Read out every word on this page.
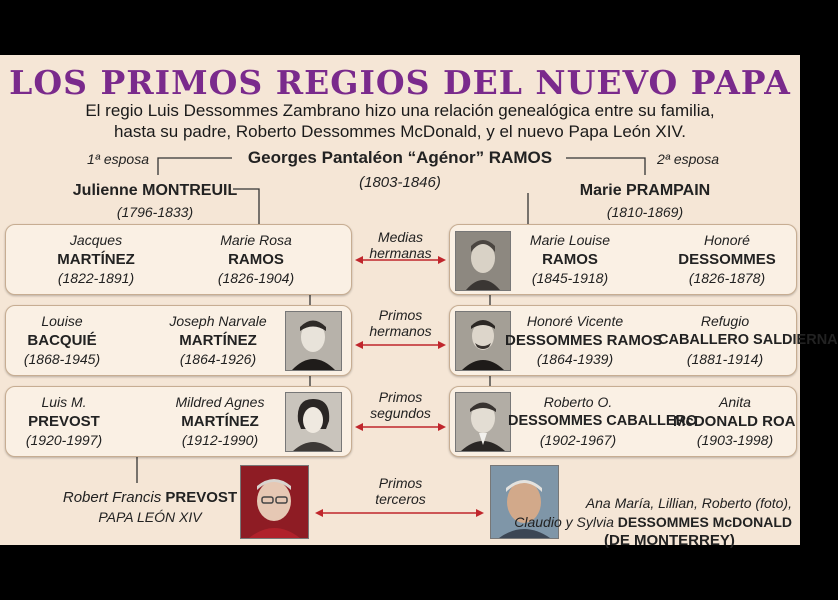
LOS PRIMOS REGIOS DEL NUEVO PAPA
El regio Luis Dessommes Zambrano hizo una relación genealógica entre su familia,
hasta su padre, Roberto Dessommes McDonald, y el nuevo Papa León XIV.
Georges Pantaléon “Agénor” RAMOS
(1803-1846)
1ª esposa	2ª esposa
Julienne MONTREUIL
(1796-1833)
Marie PRAMPAIN
(1810-1869)
Jacques
MARTÍNEZ
(1822-1891)
Marie Rosa
RAMOS
(1826-1904)
Marie Louise
RAMOS
(1845-1918)
Honoré
DESSOMMES
(1826-1878)
Louise
BACQUIÉ
(1868-1945)
Joseph Narvale
MARTÍNEZ
(1864-1926)
Honoré Vicente
DESSOMMES RAMOS
(1864-1939)
Refugio
CABALLERO SALDIERNA
(1881-1914)
Luis M.
PREVOST
(1920-1997)
Mildred Agnes
MARTÍNEZ
(1912-1990)
Roberto O.
DESSOMMES CABALLERO
(1902-1967)
Anita
McDONALD ROA
(1903-1998)
Medias
hermanas
Primos
hermanos
Primos
segundos
Primos
terceros
Robert Francis PREVOST
PAPA LEÓN XIV
Ana María, Lillian, Roberto (foto),
Claudio y Sylvia DESSOMMES McDONALD
(DE MONTERREY)
